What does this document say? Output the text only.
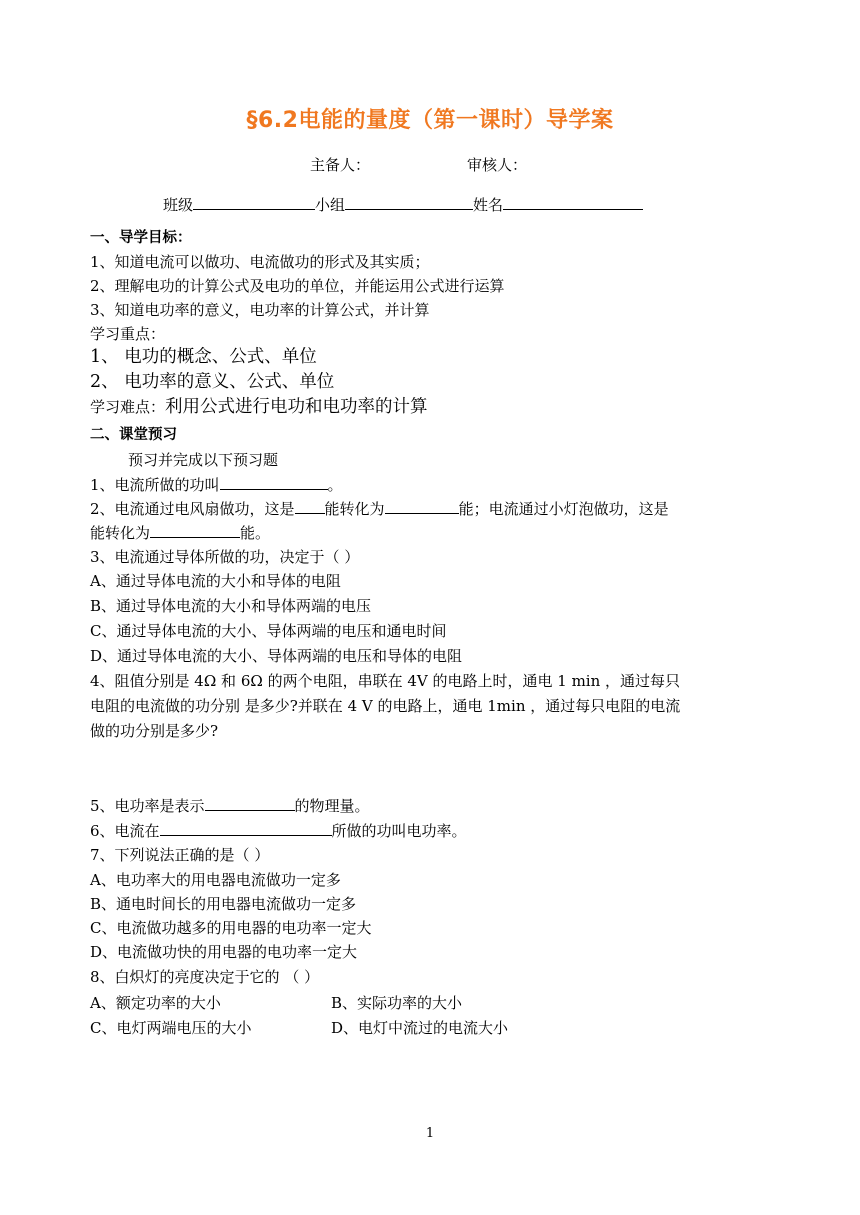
§6.2电能的量度（第一课时）导学案
主备人：	审核人：
班级	小组	姓名
一、导学目标：
1、知道电流可以做功、电流做功的形式及其实质；
2、理解电功的计算公式及电功的单位，并能运用公式进行运算
3、知道电功率的意义，电功率的计算公式，并计算
学习重点：
1、 电功的概念、公式、单位
2、 电功率的意义、公式、单位
学习难点：利用公式进行电功和电功率的计算
二、课堂预习
预习并完成以下预习题
1、电流所做的功叫	。
2、电流通过电风扇做功，这是 能转化为	能；电流通过小灯泡做功，这是
能转化为	能。
3、电流通过导体所做的功，决定于（ ）
A、通过导体电流的大小和导体的电阻
B、通过导体电流的大小和导体两端的电压
C、通过导体电流的大小、导体两端的电压和通电时间
D、通过导体电流的大小、导体两端的电压和导体的电阻
4、阻值分别是 4Ω 和 6Ω 的两个电阻，串联在 4V 的电路上时，通电 1 min ，通过每只
电阻的电流做的功分别 是多少?并联在 4 V 的电路上，通电 1min ，通过每只电阻的电流
做的功分别是多少?
5、电功率是表示	的物理量。
6、电流在	所做的功叫电功率。
7、下列说法正确的是（ ）
A、电功率大的用电器电流做功一定多
B、通电时间长的用电器电流做功一定多
C、电流做功越多的用电器的电功率一定大
D、电流做功快的用电器的电功率一定大
8、白炽灯的亮度决定于它的 （ ）
A、额定功率的大小	B、实际功率的大小
C、电灯两端电压的大小	D、电灯中流过的电流大小
1
